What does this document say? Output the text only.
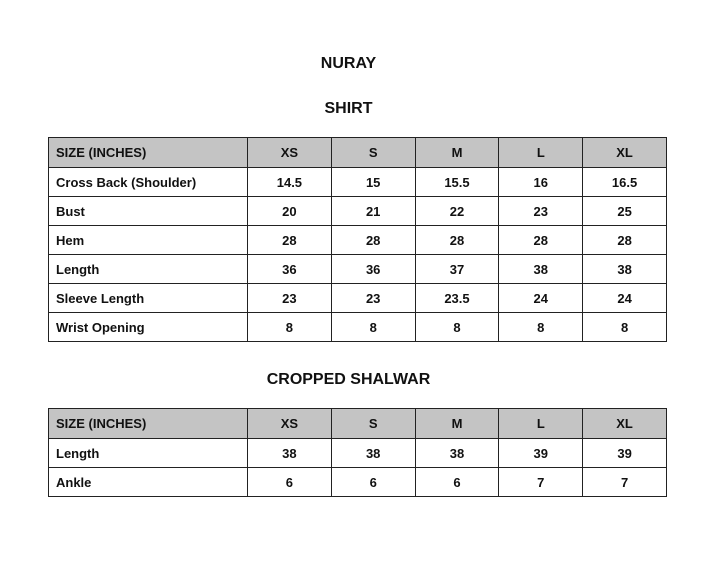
NURAY
SHIRT
SIZE (INCHES)	XS	S	M	L	XL
Cross Back (Shoulder)	14.5	15	15.5	16	16.5
Bust	20	21	22	23	25
Hem	28	28	28	28	28
Length	36	36	37	38	38
Sleeve Length	23	23	23.5	24	24
Wrist Opening	8	8	8	8	8
CROPPED SHALWAR
SIZE (INCHES)	XS	S	M	L	XL
Length	38	38	38	39	39
Ankle	6	6	6	7	7
